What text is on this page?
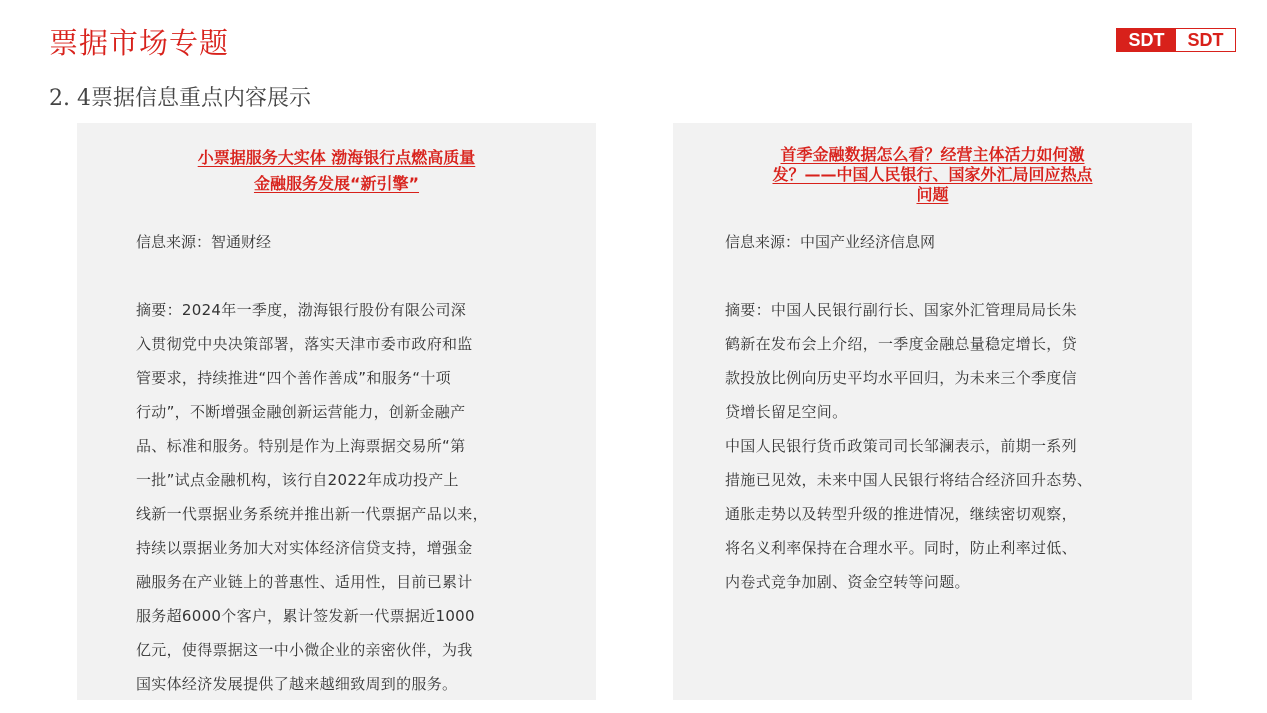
票据市场专题	SDT	SDT
2. 4票据信息重点内容展示
小票据服务大实体 渤海银行点燃高质量
金融服务发展“新引擎”
信息来源：智通财经
摘要：2024年一季度，渤海银行股份有限公司深
入贯彻党中央决策部署，落实天津市委市政府和监
管要求，持续推进“四个善作善成”和服务“十项
行动”，不断增强金融创新运营能力，创新金融产
品、标准和服务。特别是作为上海票据交易所“第
一批”试点金融机构，该行自2022年成功投产上
线新一代票据业务系统并推出新一代票据产品以来，
持续以票据业务加大对实体经济信贷支持，增强金
融服务在产业链上的普惠性、适用性，目前已累计
服务超6000个客户，累计签发新一代票据近1000
亿元，使得票据这一中小微企业的亲密伙伴，为我
国实体经济发展提供了越来越细致周到的服务。
首季金融数据怎么看？经营主体活力如何激
发？——中国人民银行、国家外汇局回应热点
问题
信息来源：中国产业经济信息网
摘要：中国人民银行副行长、国家外汇管理局局长朱
鹤新在发布会上介绍，一季度金融总量稳定增长，贷
款投放比例向历史平均水平回归，为未来三个季度信
贷增长留足空间。
中国人民银行货币政策司司长邹澜表示，前期一系列
措施已见效，未来中国人民银行将结合经济回升态势、
通胀走势以及转型升级的推进情况，继续密切观察，
将名义利率保持在合理水平。同时，防止利率过低、
内卷式竞争加剧、资金空转等问题。
